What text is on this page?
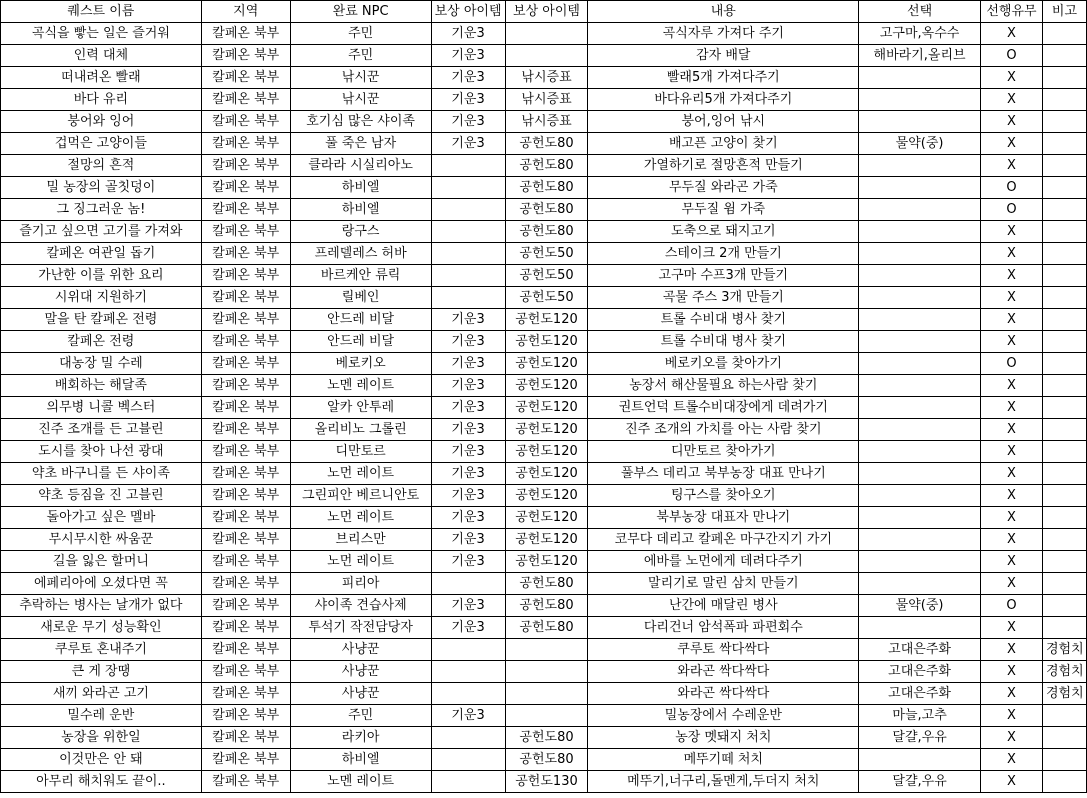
퀘스트 이름	지역	완료 NPC	보상 아이템	보상 아이템	내용	선택	선행유무	비고
곡식을 빻는 일은 즐거워	칼페온 북부	주민	기운3		곡식자루 가져다 주기	고구마,옥수수	X	
인력 대체	칼페온 북부	주민	기운3		감자 배달	해바라기,올리브	O	
떠내려온 빨래	칼페온 북부	낚시꾼	기운3	낚시증표	빨래5개 가져다주기		X	
바다 유리	칼페온 북부	낚시꾼	기운3	낚시증표	바다유리5개 가져다주기		X	
붕어와 잉어	칼페온 북부	호기심 많은 샤이족	기운3	낚시증표	붕어,잉어 낚시		X	
겁먹은 고양이들	칼페온 북부	풀 죽은 남자	기운3	공헌도80	배고픈 고양이 찾기	물약(중)	X	
절망의 흔적	칼페온 북부	클라라 시실리아노		공헌도80	가열하기로 절망흔적 만들기		X	
밀 농장의 골칫덩이	칼페온 북부	하비엘		공헌도80	무두질 와라곤 가죽		O	
그 징그러운 놈!	칼페온 북부	하비엘		공헌도80	무두질 윔 가죽		O	
즐기고 싶으면 고기를 가져와	칼페온 북부	랑구스		공헌도80	도축으로 돼지고기		X	
칼페온 여관일 돕기	칼페온 북부	프레델레스 허바		공헌도50	스테이크 2개 만들기		X	
가난한 이를 위한 요리	칼페온 북부	바르케안 류릭		공헌도50	고구마 수프3개 만들기		X	
시위대 지원하기	칼페온 북부	릴베인		공헌도50	곡물 주스 3개 만들기		X	
말을 탄 칼페온 전령	칼페온 북부	안드레 비달	기운3	공헌도120	트롤 수비대 병사 찾기		X	
칼페온 전령	칼페온 북부	안드레 비달	기운3	공헌도120	트롤 수비대 병사 찾기		X	
대농장 밀 수레	칼페온 북부	베로키오	기운3	공헌도120	베로키오를 찾아가기		O	
배회하는 해달족	칼페온 북부	노멘 레이트	기운3	공헌도120	농장서 해산물필요 하는사람 찾기		X	
의무병 니콜 벡스터	칼페온 북부	알카 안투레	기운3	공헌도120	권트언덕 트롤수비대장에게 데려가기		X	
진주 조개를 든 고블린	칼페온 북부	올리비노 그롤린	기운3	공헌도120	진주 조개의 가치를 아는 사람 찾기		X	
도시를 찾아 나선 광대	칼페온 북부	디만토르	기운3	공헌도120	디만토르 찾아가기		X	
약초 바구니를 든 샤이족	칼페온 북부	노먼 레이트	기운3	공헌도120	풀부스 데리고 북부농장 대표 만나기		X	
약초 등짐을 진 고블린	칼페온 북부	그린피안 베르니안토	기운3	공헌도120	팅구스를 찾아오기		X	
돌아가고 싶은 멜바	칼페온 북부	노먼 레이트	기운3	공헌도120	북부농장 대표자 만나기		X	
무시무시한 싸움꾼	칼페온 북부	브리스만	기운3	공헌도120	코무다 데리고 칼페온 마구간지기 가기		X	
길을 잃은 할머니	칼페온 북부	노먼 레이트	기운3	공헌도120	에바를 노먼에게 데려다주기		X	
에페리아에 오셨다면 꼭	칼페온 북부	피리아		공헌도80	말리기로 말린 삼치 만들기		X	
추락하는 병사는 날개가 없다	칼페온 북부	샤이족 견습사제	기운3	공헌도80	난간에 매달린 병사	물약(중)	O	
새로운 무기 성능확인	칼페온 북부	투석기 작전담당자	기운3	공헌도80	다리건너 암석폭파 파편회수		X	
쿠루토 혼내주기	칼페온 북부	사냥꾼			쿠루토 싹다싹다	고대은주화	X	경험치
큰 게 장땡	칼페온 북부	사냥꾼			와라곤 싹다싹다	고대은주화	X	경험치
새끼 와라곤 고기	칼페온 북부	사냥꾼			와라곤 싹다싹다	고대은주화	X	경험치
밀수레 운반	칼페온 북부	주민	기운3		밀농장에서 수레운반	마늘,고추	X	
농장을 위한일	칼페온 북부	라키아		공헌도80	농장 멧돼지 처치	달걀,우유	X	
이것만은 안 돼	칼페온 북부	하비엘		공헌도80	메뚜기떼 처치		X	
아무리 해치워도 끝이..	칼페온 북부	노멘 레이트		공헌도130	메뚜기,너구리,돌멘게,두더지 처치	달걀,우유	X	
